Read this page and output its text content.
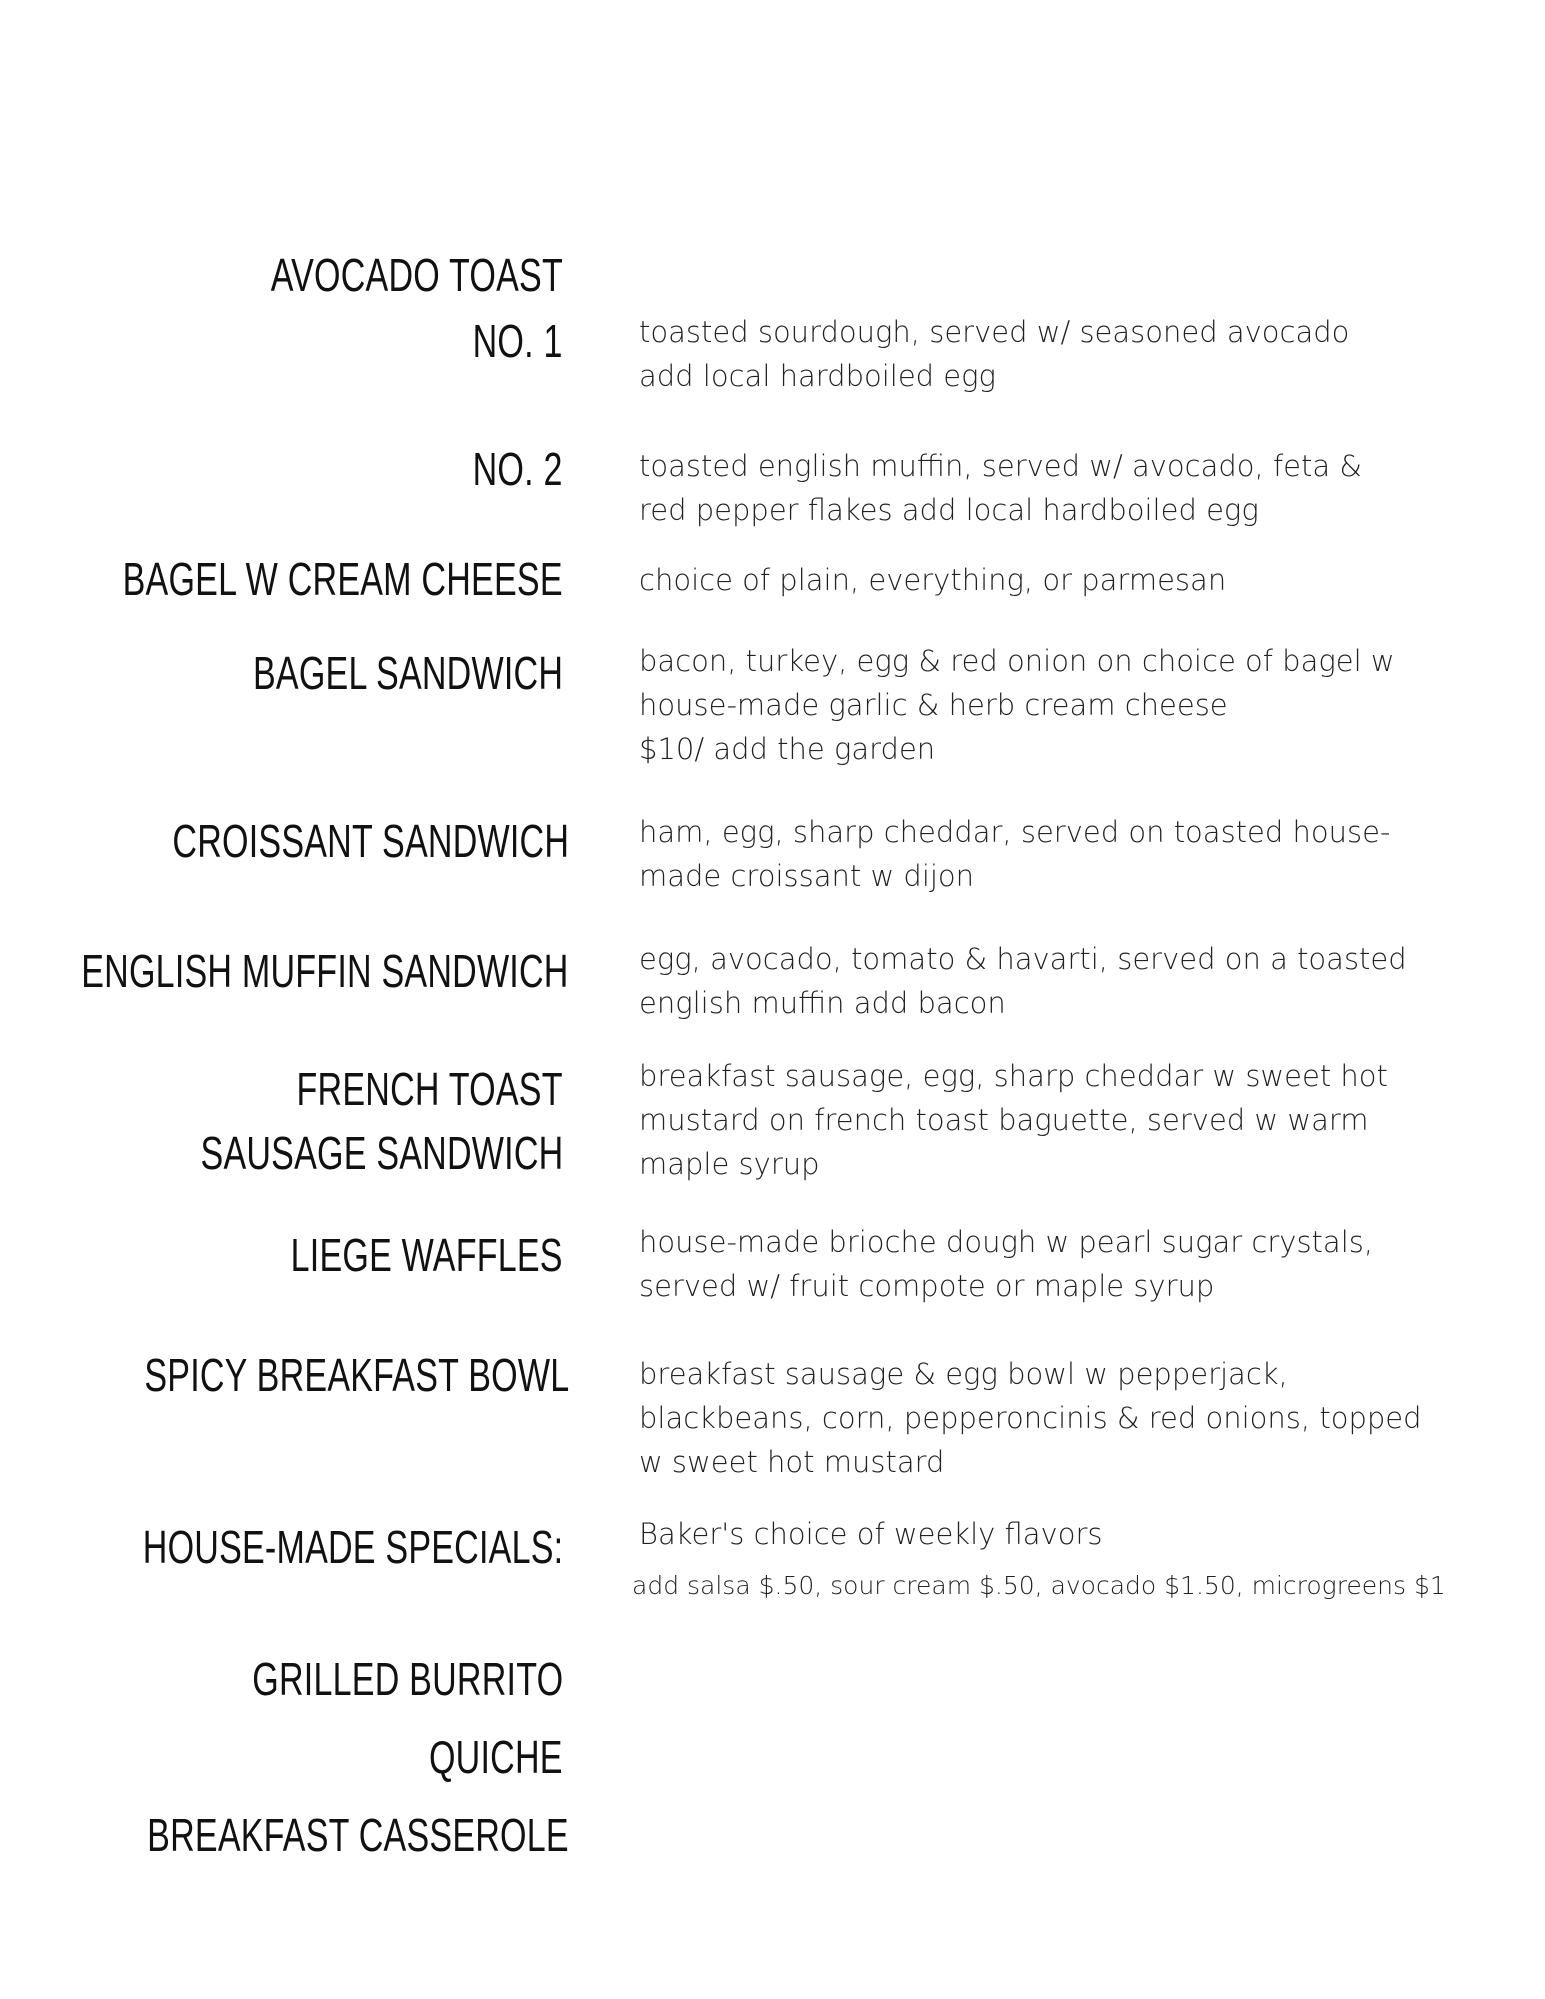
AVOCADO TOAST
NO. 1	toasted sourdough, served w/ seasoned avocado
add local hardboiled egg
NO. 2	toasted english muffin, served w/ avocado, feta &
red pepper flakes add local hardboiled egg
BAGEL W CREAM CHEESE	choice of plain, everything, or parmesan
BAGEL SANDWICH	bacon, turkey, egg & red onion on choice of bagel w
house-made garlic & herb cream cheese
$10/ add the garden
CROISSANT SANDWICH ham, egg, sharp cheddar, served on toasted house-
made croissant w dijon
ENGLISH MUFFIN SANDWICH egg, avocado, tomato & havarti, served on a toasted
english muffin add bacon
FRENCH TOAST
SAUSAGE SANDWICH
breakfast sausage, egg, sharp cheddar w sweet hot
mustard on french toast baguette, served w warm
maple syrup
LIEGE WAFFLES	house-made brioche dough w pearl sugar crystals,
served w/ fruit compote or maple syrup
SPICY BREAKFAST BOWL breakfast sausage & egg bowl w pepperjack,
blackbeans, corn, pepperoncinis & red onions, topped
w sweet hot mustard
HOUSE-MADE SPECIALS:	Baker's choice of weekly flavors
add salsa $.50, sour cream $.50, avocado $1.50, microgreens $1
GRILLED BURRITO
QUICHE
BREAKFAST CASSEROLE
